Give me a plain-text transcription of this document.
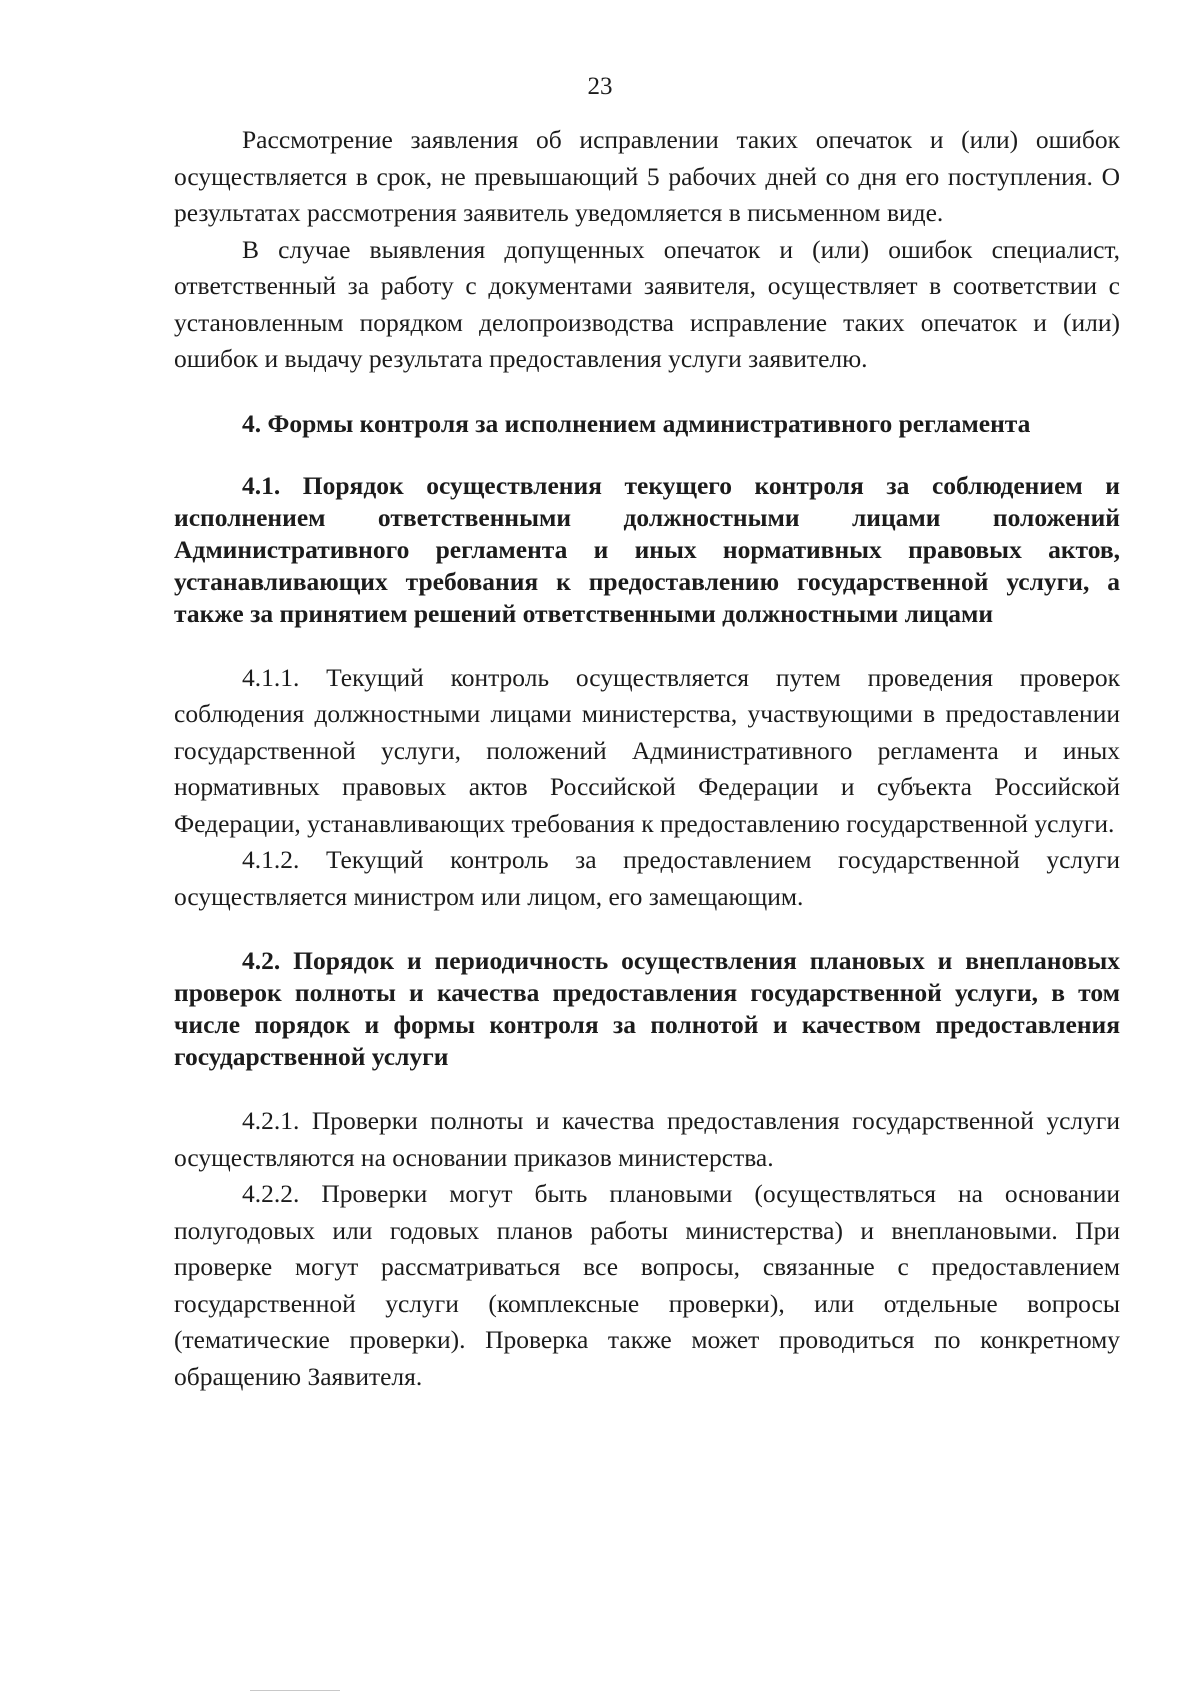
23

Рассмотрение заявления об исправлении таких опечаток и (или) ошибок осуществляется в срок, не превышающий 5 рабочих дней со дня его поступления. О результатах рассмотрения заявитель уведомляется в письменном виде.

В случае выявления допущенных опечаток и (или) ошибок специалист, ответственный за работу с документами заявителя, осуществляет в соответствии с установленным порядком делопроизводства исправление таких опечаток и (или) ошибок и выдачу результата предоставления услуги заявителю.

4. Формы контроля за исполнением административного регламента

4.1. Порядок осуществления текущего контроля за соблюдением и исполнением ответственными должностными лицами положений Административного регламента и иных нормативных правовых актов, устанавливающих требования к предоставлению государственной услуги, а также за принятием решений ответственными должностными лицами

4.1.1. Текущий контроль осуществляется путем проведения проверок соблюдения должностными лицами министерства, участвующими в предоставлении государственной услуги, положений Административного регламента и иных нормативных правовых актов Российской Федерации и субъекта Российской Федерации, устанавливающих требования к предоставлению государственной услуги.

4.1.2. Текущий контроль за предоставлением государственной услуги осуществляется министром или лицом, его замещающим.

4.2. Порядок и периодичность осуществления плановых и внеплановых проверок полноты и качества предоставления государственной услуги, в том числе порядок и формы контроля за полнотой и качеством предоставления государственной услуги

4.2.1. Проверки полноты и качества предоставления государственной услуги осуществляются на основании приказов министерства.

4.2.2. Проверки могут быть плановыми (осуществляться на основании полугодовых или годовых планов работы министерства) и внеплановыми. При проверке могут рассматриваться все вопросы, связанные с предоставлением государственной услуги (комплексные проверки), или отдельные вопросы (тематические проверки). Проверка также может проводиться по конкретному обращению Заявителя.
